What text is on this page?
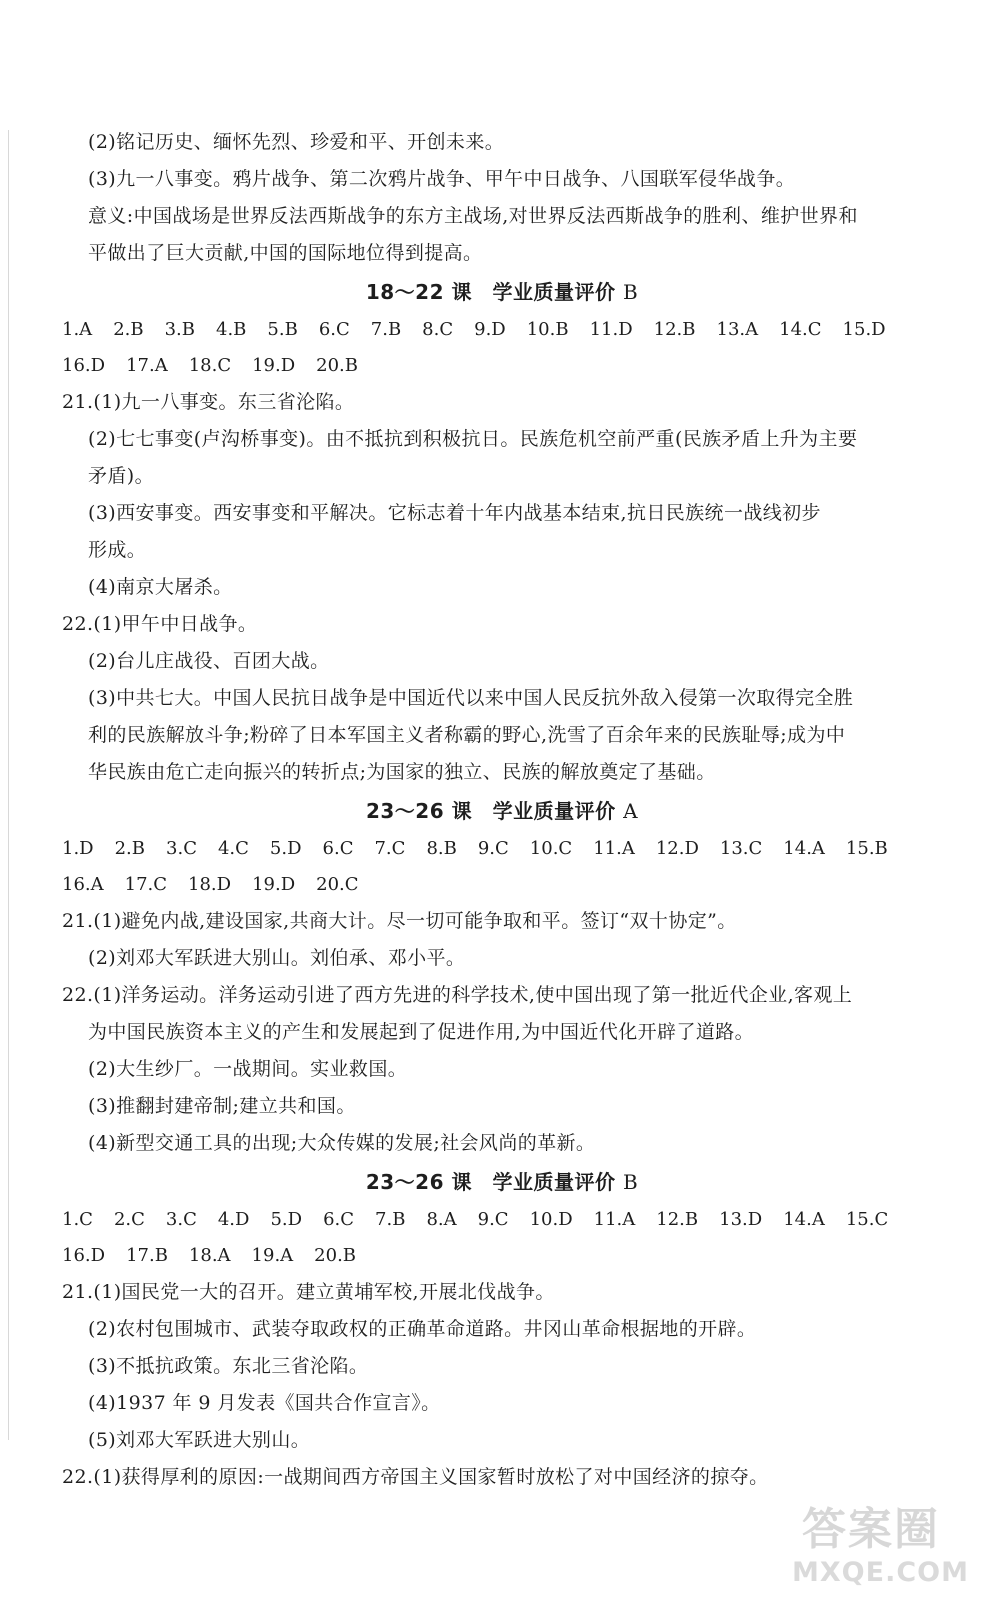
(2)铭记历史、缅怀先烈、珍爱和平、开创未来。
(3)九一八事变。鸦片战争、第二次鸦片战争、甲午中日战争、八国联军侵华战争。
意义:中国战场是世界反法西斯战争的东方主战场,对世界反法西斯战争的胜利、维护世界和
平做出了巨大贡献,中国的国际地位得到提高。
18～22 课　学业质量评价 B
1.A 2.B 3.B 4.B 5.B 6.C 7.B 8.C 9.D 10.B 11.D 12.B 13.A 14.C 15.D
16.D 17.A 18.C 19.D 20.B
21.(1)九一八事变。东三省沦陷。
(2)七七事变(卢沟桥事变)。由不抵抗到积极抗日。民族危机空前严重(民族矛盾上升为主要
矛盾)。
(3)西安事变。西安事变和平解决。它标志着十年内战基本结束,抗日民族统一战线初步
形成。
(4)南京大屠杀。
22.(1)甲午中日战争。
(2)台儿庄战役、百团大战。
(3)中共七大。中国人民抗日战争是中国近代以来中国人民反抗外敌入侵第一次取得完全胜
利的民族解放斗争;粉碎了日本军国主义者称霸的野心,洗雪了百余年来的民族耻辱;成为中
华民族由危亡走向振兴的转折点;为国家的独立、民族的解放奠定了基础。
23～26 课　学业质量评价 A
1.D 2.B 3.C 4.C 5.D 6.C 7.C 8.B 9.C 10.C 11.A 12.D 13.C 14.A 15.B
16.A 17.C 18.D 19.D 20.C
21.(1)避免内战,建设国家,共商大计。尽一切可能争取和平。签订“双十协定”。
(2)刘邓大军跃进大别山。刘伯承、邓小平。
22.(1)洋务运动。洋务运动引进了西方先进的科学技术,使中国出现了第一批近代企业,客观上
为中国民族资本主义的产生和发展起到了促进作用,为中国近代化开辟了道路。
(2)大生纱厂。一战期间。实业救国。
(3)推翻封建帝制;建立共和国。
(4)新型交通工具的出现;大众传媒的发展;社会风尚的革新。
23～26 课　学业质量评价 B
1.C 2.C 3.C 4.D 5.D 6.C 7.B 8.A 9.C 10.D 11.A 12.B 13.D 14.A 15.C
16.D 17.B 18.A 19.A 20.B
21.(1)国民党一大的召开。建立黄埔军校,开展北伐战争。
(2)农村包围城市、武装夺取政权的正确革命道路。井冈山革命根据地的开辟。
(3)不抵抗政策。东北三省沦陷。
(4)1937 年 9 月发表《国共合作宣言》。
(5)刘邓大军跃进大别山。
22.(1)获得厚利的原因:一战期间西方帝国主义国家暂时放松了对中国经济的掠夺。
答案圈
MXQE.COM
